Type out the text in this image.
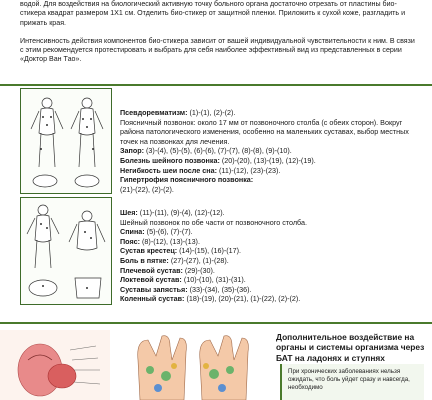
водой. Для воздействия на биологический активную точку больного органа достаточно отрезать от пластины био-стикера квадрат размером 1Х1 см. Отделить био-стикер от защитной пленки. Приложить к сухой коже, разгладить и прижать края.

Интенсивность действия компонентов био-стикера зависит от вашей индивидуальной чувствительности к ним. В связи с этим рекомендуется протестировать и выбрать для себя наиболее эффективный вид из представленных в серии «Доктор Ван Тао».

Псевдоревматизм: (1)-(1), (2)-(2).
Поясничный позвонок: около 17 мм от позвоночного столба (с обеих сторон). Вокруг района патологического изменения, особенно на маленьких суставах, выбор местных точек на позвонках для лечения.
Запор: (3)-(4), (5)-(5), (6)-(6), (7)-(7), (8)-(8), (9)-(10).
Болезнь шейного позвонка: (20)-(20), (13)-(19), (12)-(19).
Негибкость шеи после сна: (11)-(12), (23)-(23).
Гипертрофия поясничного позвонка:
(21)-(22), (2)-(2).
Шея: (11)-(11), (9)-(4), (12)-(12).
Шейный позвонок по обе части от позвоночного столба.
Спина: (5)-(6), (7)-(7).
Пояс: (8)-(12), (13)-(13).
Сустав крестец: (14)-(15), (16)-(17).
Боль в пятке: (27)-(27), (1)-(28).
Плечевой сустав: (29)-(30).
Локтевой сустав: (10)-(10), (31)-(31).
Суставы запястья: (33)-(34), (35)-(36).
Коленный сустав: (18)-(19), (20)-(21), (1)-(22), (2)-(2).
Дополнительное воздействие на органы и системы организма через БАТ на ладонях и ступнях
При хронических заболеваниях нельзя ожидать, что боль уйдет сразу и навсегда, необходимо
